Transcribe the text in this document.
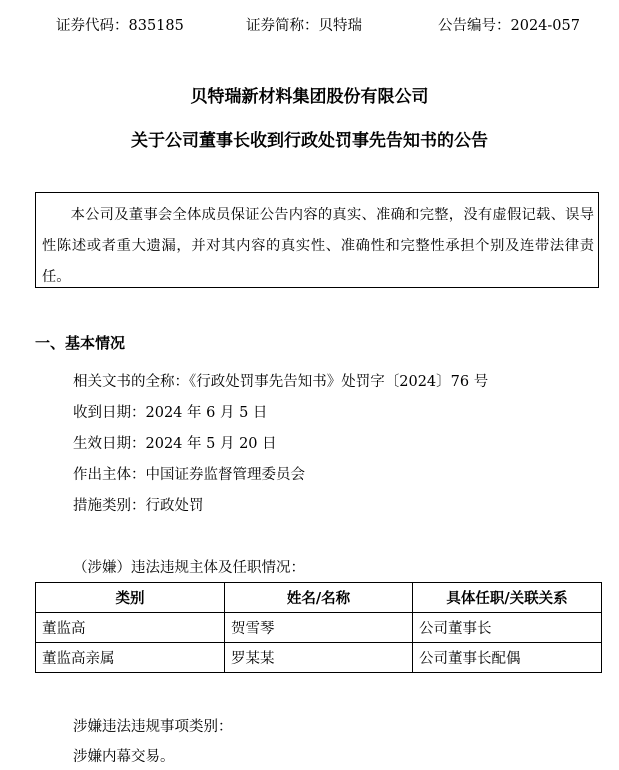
证券代码：835185	证券简称：贝特瑞	公告编号：2024-057
贝特瑞新材料集团股份有限公司
关于公司董事长收到行政处罚事先告知书的公告
本公司及董事会全体成员保证公告内容的真实、准确和完整，没有虚假记载、误导性陈述或者重大遗漏，并对其内容的真实性、准确性和完整性承担个别及连带法律责任。
一、基本情况
相关文书的全称：《行政处罚事先告知书》处罚字〔2024〕76 号
收到日期：2024 年 6 月 5 日
生效日期：2024 年 5 月 20 日
作出主体：中国证券监督管理委员会
措施类别：行政处罚
（涉嫌）违法违规主体及任职情况：
类别	姓名/名称	具体任职/关联关系
董监高	贺雪琴	公司董事长
董监高亲属	罗某某	公司董事长配偶
涉嫌违法违规事项类别：
涉嫌内幕交易。
